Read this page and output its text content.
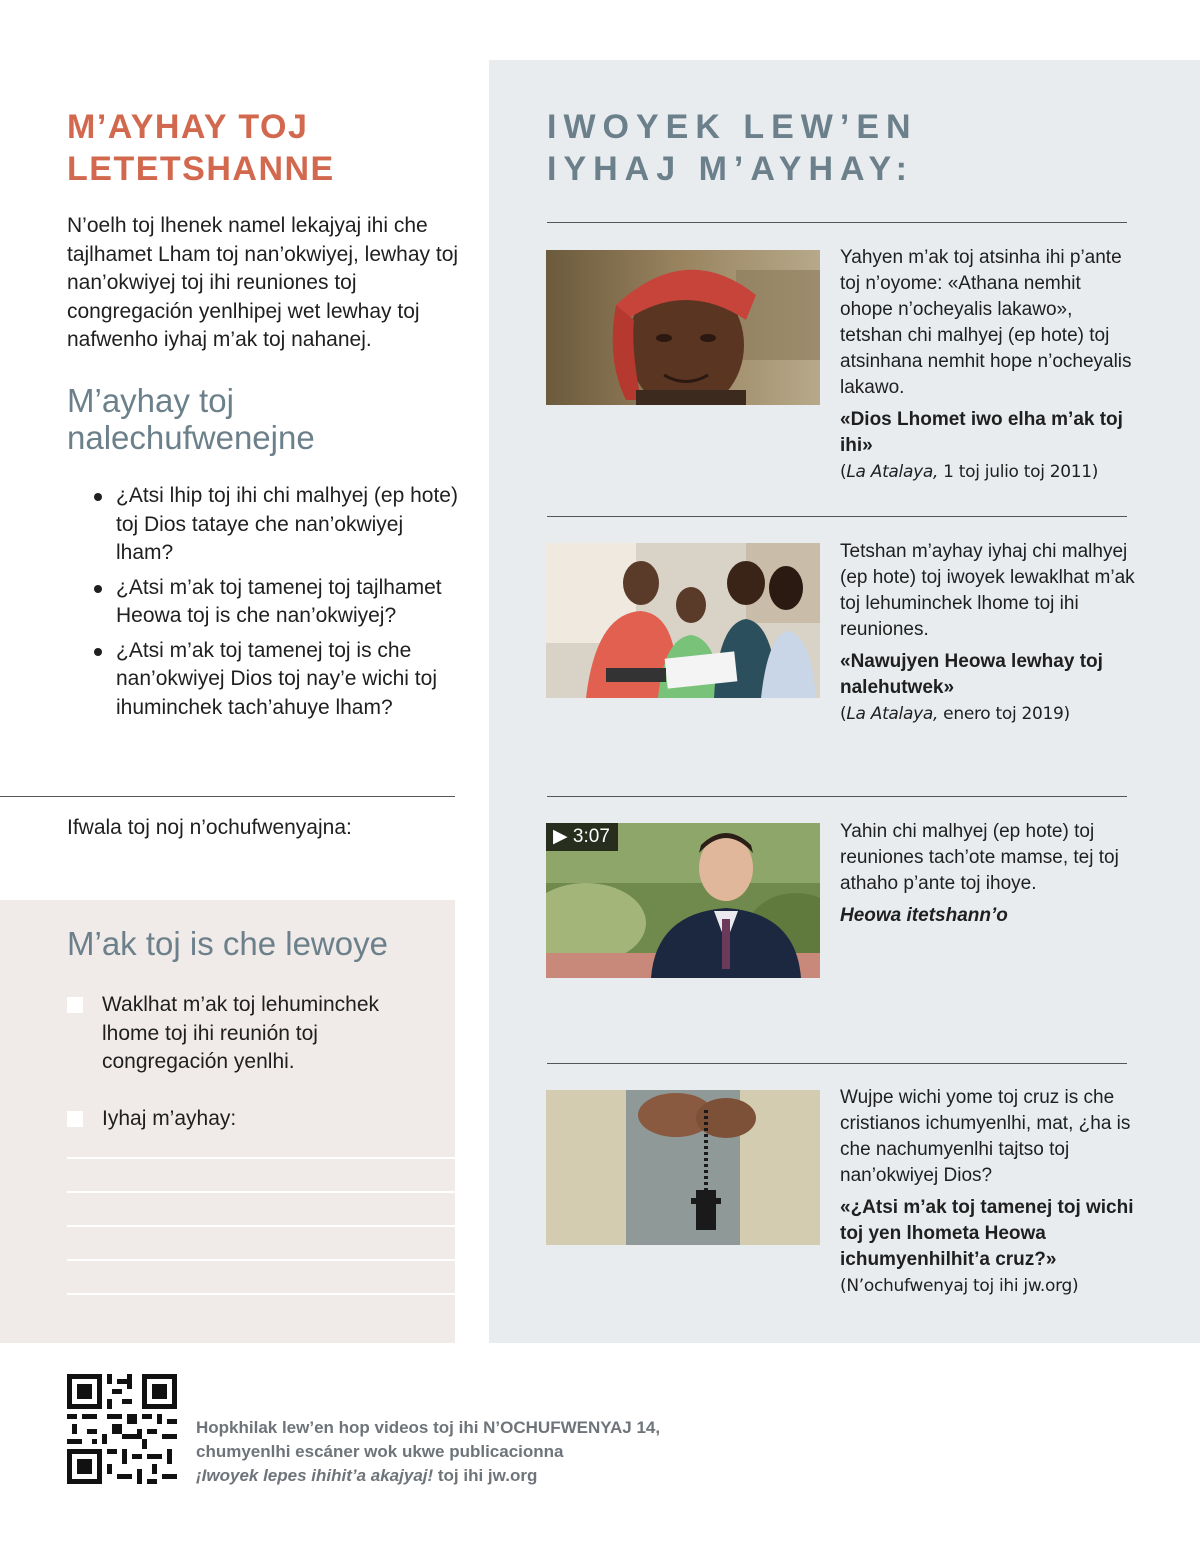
M’AYHAY TOJ
LETETSHANNE

N’oelh toj lhenek namel lekajyaj ihi che tajlhamet Lham toj nan’okwiyej, lewhay toj nan’okwiyej toj ihi reuniones toj congregación yenlhipej wet lewhay toj nafwenho iyhaj m’ak toj nahanej.

M’ayhay toj
nalechufwenejne
¿Atsi lhip toj ihi chi malhyej (ep hote) toj Dios tataye che nan’okwiyej lham?
¿Atsi m’ak toj tamenej toj tajlhamet Heowa toj is che nan’okwiyej?
¿Atsi m’ak toj tamenej toj is che nan’okwiyej Dios toj nay’e wichi toj ihuminchek tach’ahuye lham?

Ifwala toj noj n’ochufwenyajna:

M’ak toj is che lewoye
Waklhat m’ak toj lehuminchek lhome toj ihi reunión toj congregación yenlhi.
Iyhaj m’ayhay:
IWOYEK LEW’EN
IYHAJ M’AYHAY:

Yahyen m’ak toj atsinha ihi p’ante toj n’oyome: «Athana nemhit ohope n’ocheyalis lakawo», tetshan chi malhyej (ep hote) toj atsinhana nemhit hope n’ocheyalis lakawo.

«Dios Lhomet iwo elha m’ak toj ihi»

(La Atalaya, 1 toj julio toj 2011)

Tetshan m’ayhay iyhaj chi malhyej (ep hote) toj iwoyek lewaklhat m’ak toj lehuminchek lhome toj ihi reuniones.

«Nawujyen Heowa lewhay toj nalehutwek»

(La Atalaya, enero toj 2019)

▶ 3:07	Yahin chi malhyej (ep hote) toj reuniones tach’ote mamse, tej toj athaho p’ante toj ihoye.

Heowa itetshann’o

Wujpe wichi yome toj cruz is che cristianos ichumyenlhi, mat, ¿ha is che nachumyenlhi tajtso toj nan’okwiyej Dios?

«¿Atsi m’ak toj tamenej toj wichi toj yen lhometa Heowa ichumyenhilhit’a cruz?»

(N’ochufwenyaj toj ihi jw.org)

Hopkhilak lew’en hop videos toj ihi N’OCHUFWENYAJ 14,
chumyenlhi escáner wok ukwe publicacionna
¡Iwoyek lepes ihihit’a akajyaj! toj ihi jw.org
